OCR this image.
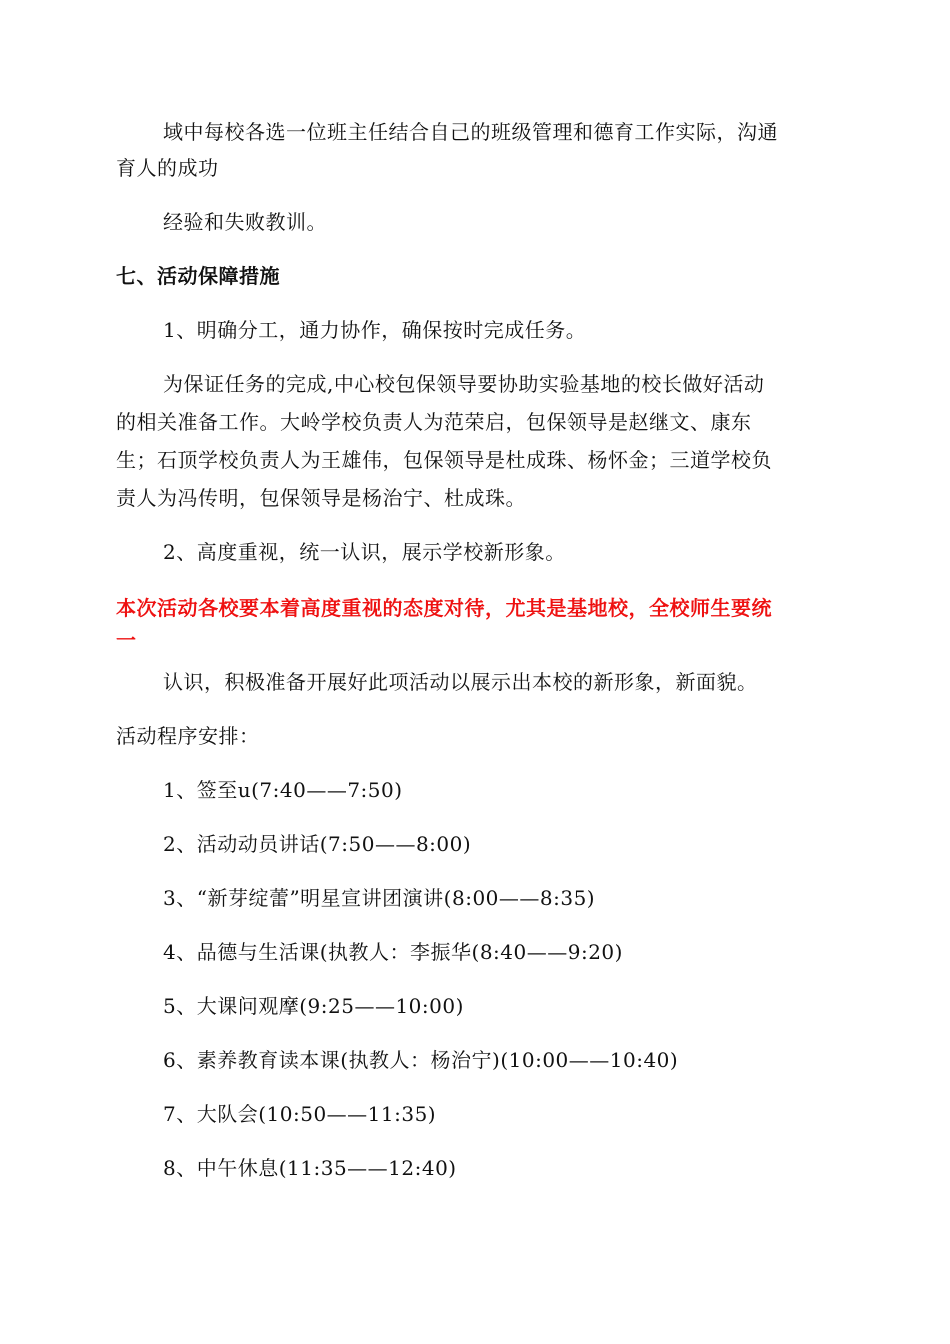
域中每校各选一位班主任结合自己的班级管理和德育工作实际，沟通
育人的成功
经验和失败教训。
七、活动保障措施
1、明确分工，通力协作，确保按时完成任务。
为保证任务的完成,中心校包保领导要协助实验基地的校长做好活动
的相关准备工作。大岭学校负责人为范荣启，包保领导是赵继文、康东
生；石顶学校负责人为王雄伟，包保领导是杜成珠、杨怀金；三道学校负
责人为冯传明，包保领导是杨治宁、杜成珠。
2、高度重视，统一认识，展示学校新形象。
本次活动各校要本着高度重视的态度对待，尤其是基地校，全校师生要统
一
认识，积极准备开展好此项活动以展示出本校的新形象，新面貌。
活动程序安排：
1、签至u(7:40——7:50)
2、活动动员讲话(7:50——8:00)
3、“新芽绽蕾”明星宣讲团演讲(8:00——8:35)
4、品德与生活课(执教人：李振华(8:40——9:20)
5、大课问观摩(9:25——10:00)
6、素养教育读本课(执教人：杨治宁)(10:00——10:40)
7、大队会(10:50——11:35)
8、中午休息(11:35——12:40)
